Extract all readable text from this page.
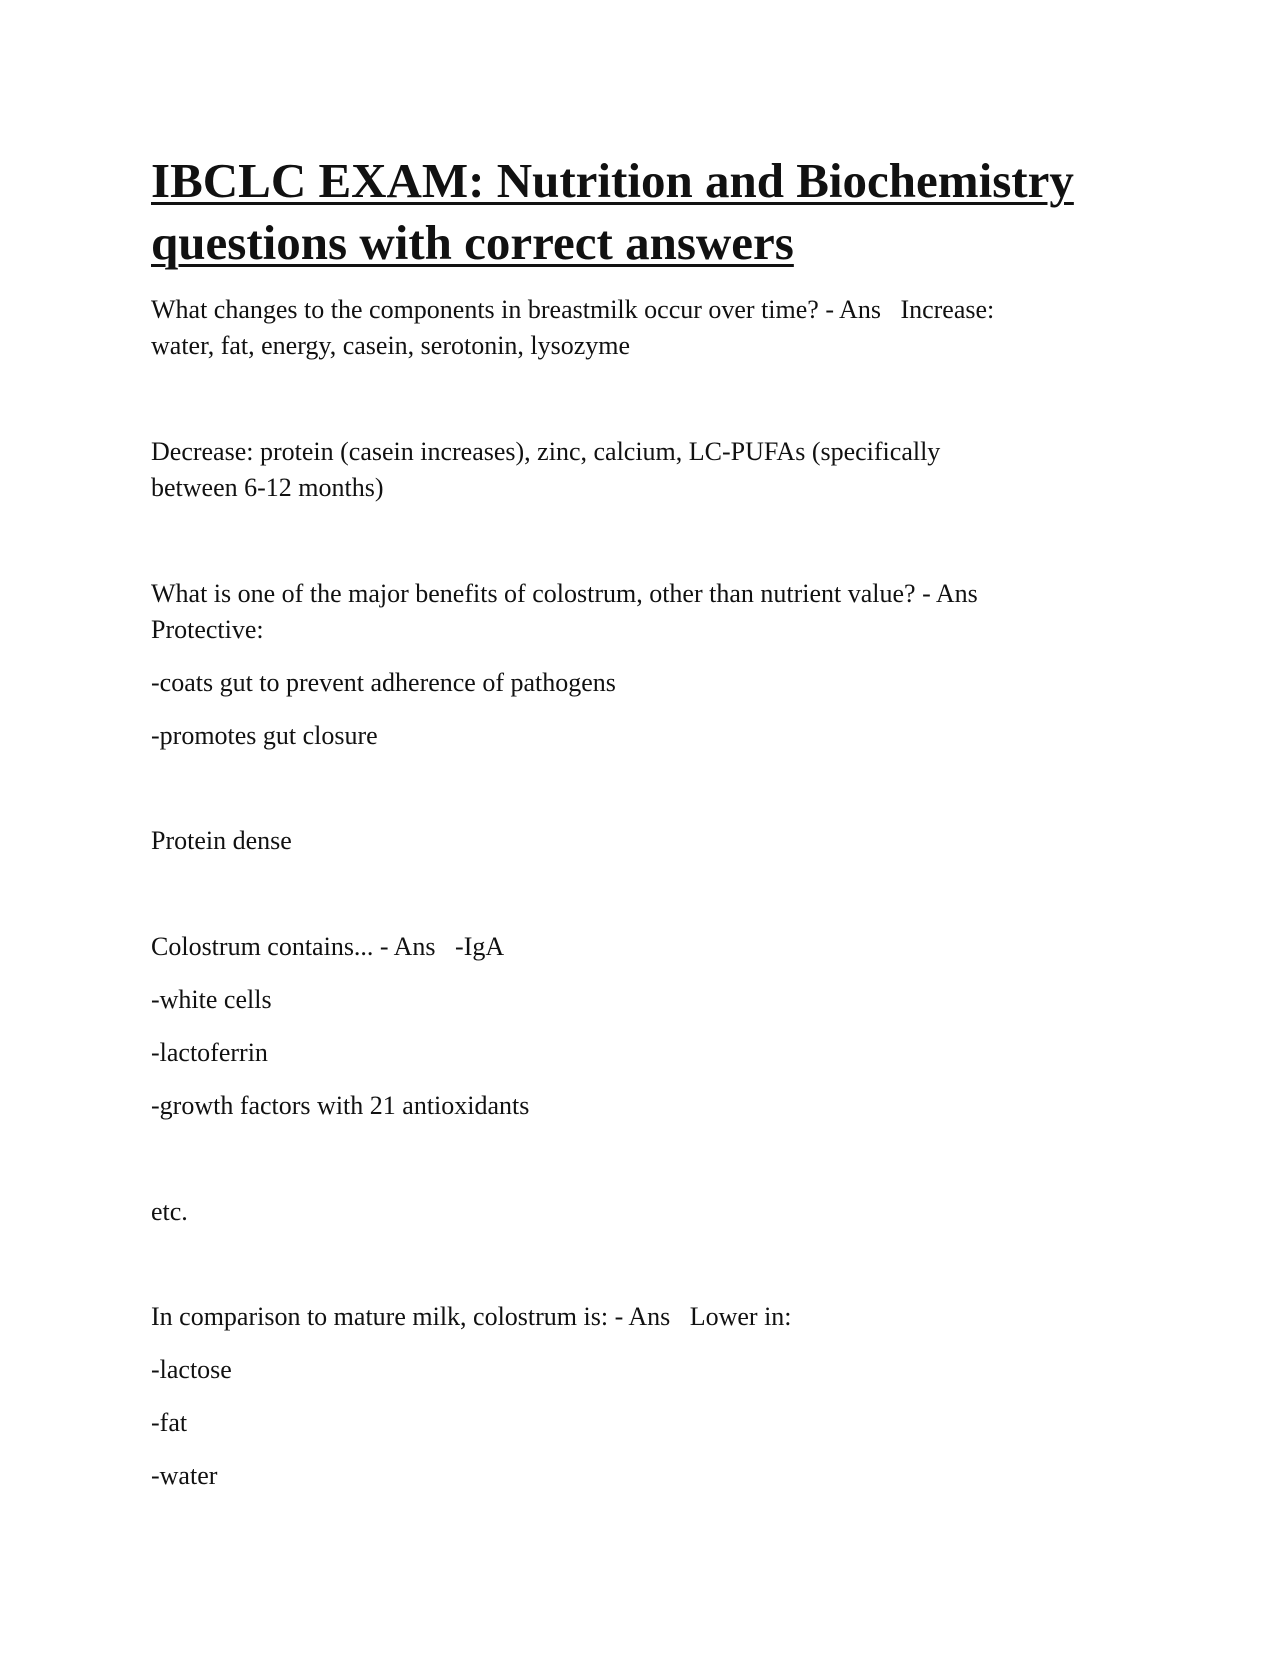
IBCLC EXAM: Nutrition and Biochemistry
questions with correct answers

What changes to the components in breastmilk occur over time? - Ans   Increase:

water, fat, energy, casein, serotonin, lysozyme

Decrease: protein (casein increases), zinc, calcium, LC-PUFAs (specifically

between 6-12 months)

What is one of the major benefits of colostrum, other than nutrient value? - Ans

Protective:

-coats gut to prevent adherence of pathogens

-promotes gut closure

Protein dense

Colostrum contains... - Ans   -IgA

-white cells

-lactoferrin

-growth factors with 21 antioxidants

etc.

In comparison to mature milk, colostrum is: - Ans   Lower in:

-lactose

-fat

-water
